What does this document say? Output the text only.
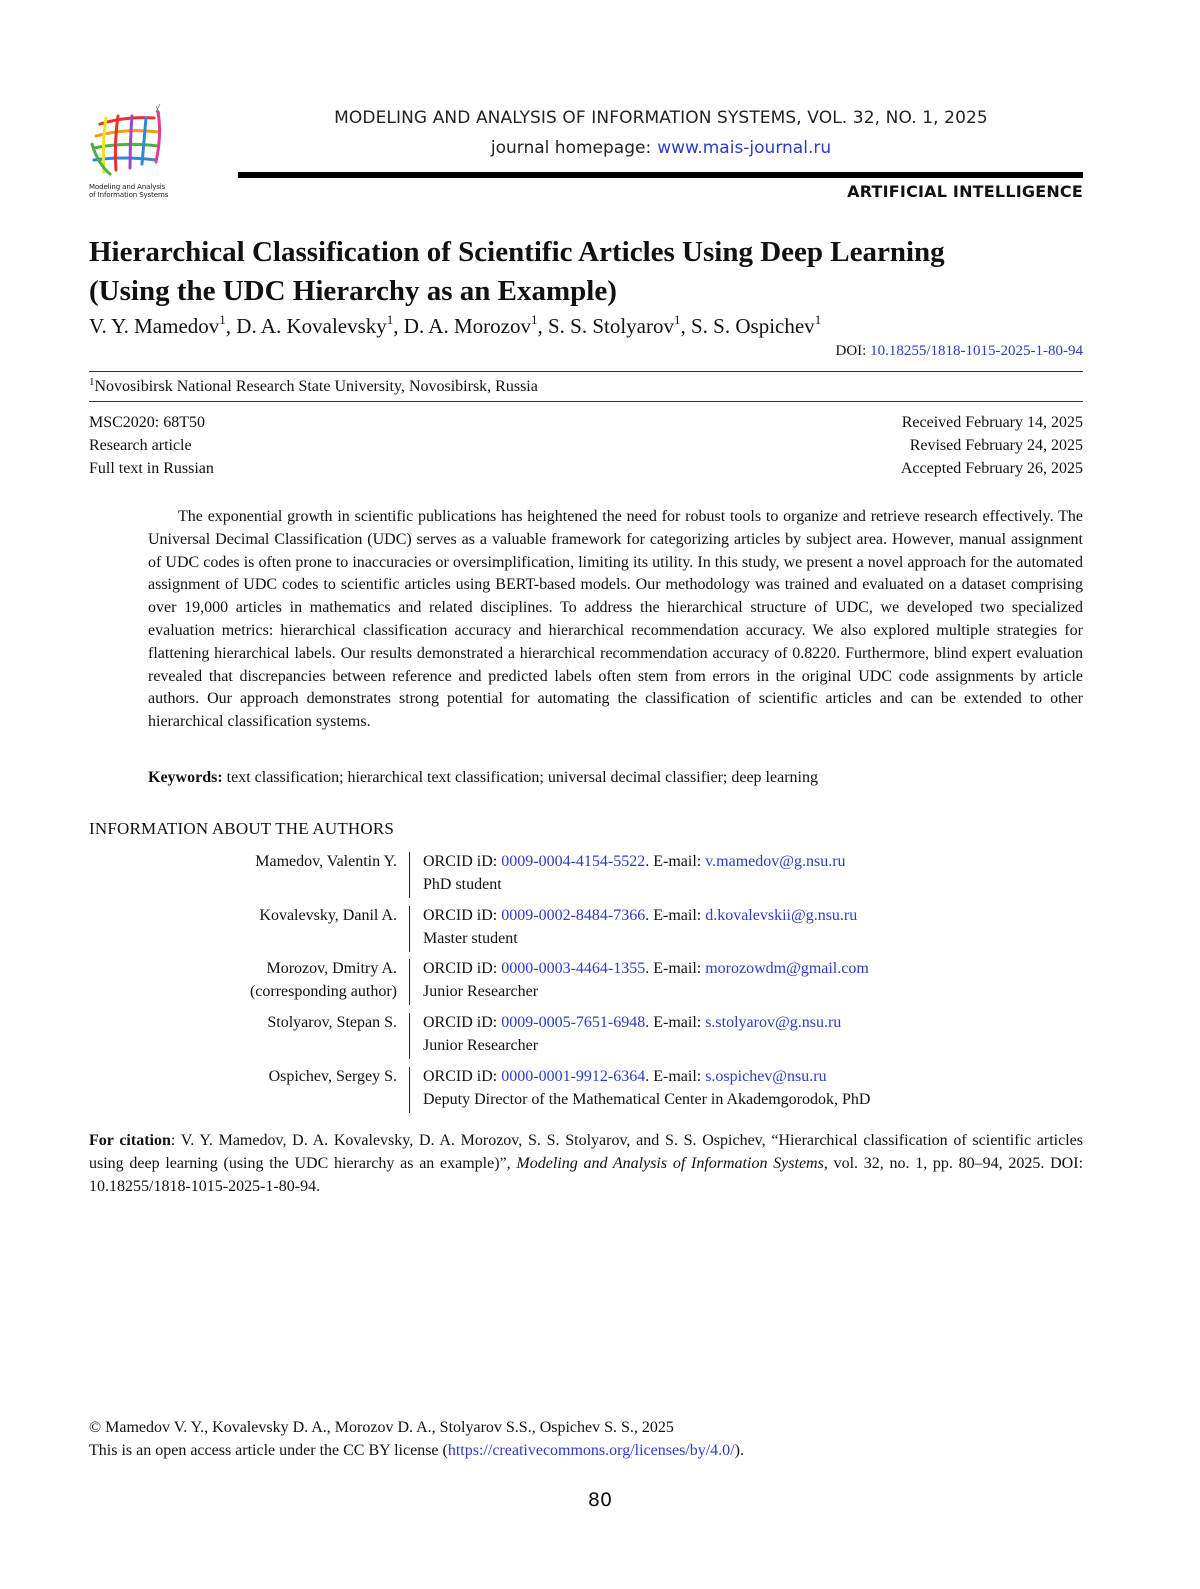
Modeling and Analysis
of Information Systems
MODELING AND ANALYSIS OF INFORMATION SYSTEMS, VOL. 32, NO. 1, 2025
journal homepage: www.mais-journal.ru
ARTIFICIAL INTELLIGENCE
Hierarchical Classification of Scientific Articles Using Deep Learning
(Using the UDC Hierarchy as an Example)
V. Y. Mamedov$^1$, D. A. Kovalevsky$^1$, D. A. Morozov$^1$, S. S. Stolyarov$^1$, S. S. Ospichev$^1$
DOI: 10.18255/1818-1015-2025-1-80-94
$^1$Novosibirsk National Research State University, Novosibirsk, Russia
MSC2020: 68T50
Research article
Full text in Russian
Received February 14, 2025
Revised February 24, 2025
Accepted February 26, 2025

The exponential growth in scientific publications has heightened the need for robust tools to organize and retrieve research effectively. The Universal Decimal Classification (UDC) serves as a valuable framework for categorizing articles by subject area. However, manual assignment of UDC codes is often prone to inaccuracies or oversimplification, limiting its utility. In this study, we present a novel approach for the automated assignment of UDC codes to scientific articles using BERT-based models. Our methodology was trained and evaluated on a dataset comprising over 19,000 articles in mathematics and related disciplines. To address the hierarchical structure of UDC, we developed two specialized evaluation metrics: hierarchical classification accuracy and hierarchical recommendation accuracy. We also explored multiple strategies for flattening hierarchical labels. Our results demonstrated a hierarchical recommendation accuracy of 0.8220. Furthermore, blind expert evaluation revealed that discrepancies between reference and predicted labels often stem from errors in the original UDC code assignments by article authors. Our approach demonstrates strong potential for automating the classification of scientific articles and can be extended to other hierarchical classification systems.

Keywords: text classification; hierarchical text classification; universal decimal classifier; deep learning
INFORMATION ABOUT THE AUTHORS
Mamedov, Valentin Y. ORCID iD: 0009-0004-4154-5522. E-mail: v.mamedov@g.nsu.ru
PhD student
Kovalevsky, Danil A. ORCID iD: 0009-0002-8484-7366. E-mail: d.kovalevskii@g.nsu.ru
Master student
Morozov, Dmitry A.
(corresponding author)
ORCID iD: 0000-0003-4464-1355. E-mail: morozowdm@gmail.com
Junior Researcher
Stolyarov, Stepan S. ORCID iD: 0009-0005-7651-6948. E-mail: s.stolyarov@g.nsu.ru
Junior Researcher
Ospichev, Sergey S. ORCID iD: 0000-0001-9912-6364. E-mail: s.ospichev@nsu.ru
Deputy Director of the Mathematical Center in Akademgorodok, PhD

For citation: V. Y. Mamedov, D. A. Kovalevsky, D. A. Morozov, S. S. Stolyarov, and S. S. Ospichev, “Hierarchical classification of scientific articles using deep learning (using the UDC hierarchy as an example)”, Modeling and Analysis of Information Systems, vol. 32, no. 1, pp. 80–94, 2025. DOI: 10.18255/1818-1015-2025-1-80-94.

© Mamedov V. Y., Kovalevsky D. A., Morozov D. A., Stolyarov S.S., Ospichev S. S., 2025
This is an open access article under the CC BY license (https://creativecommons.org/licenses/by/4.0/).
80
